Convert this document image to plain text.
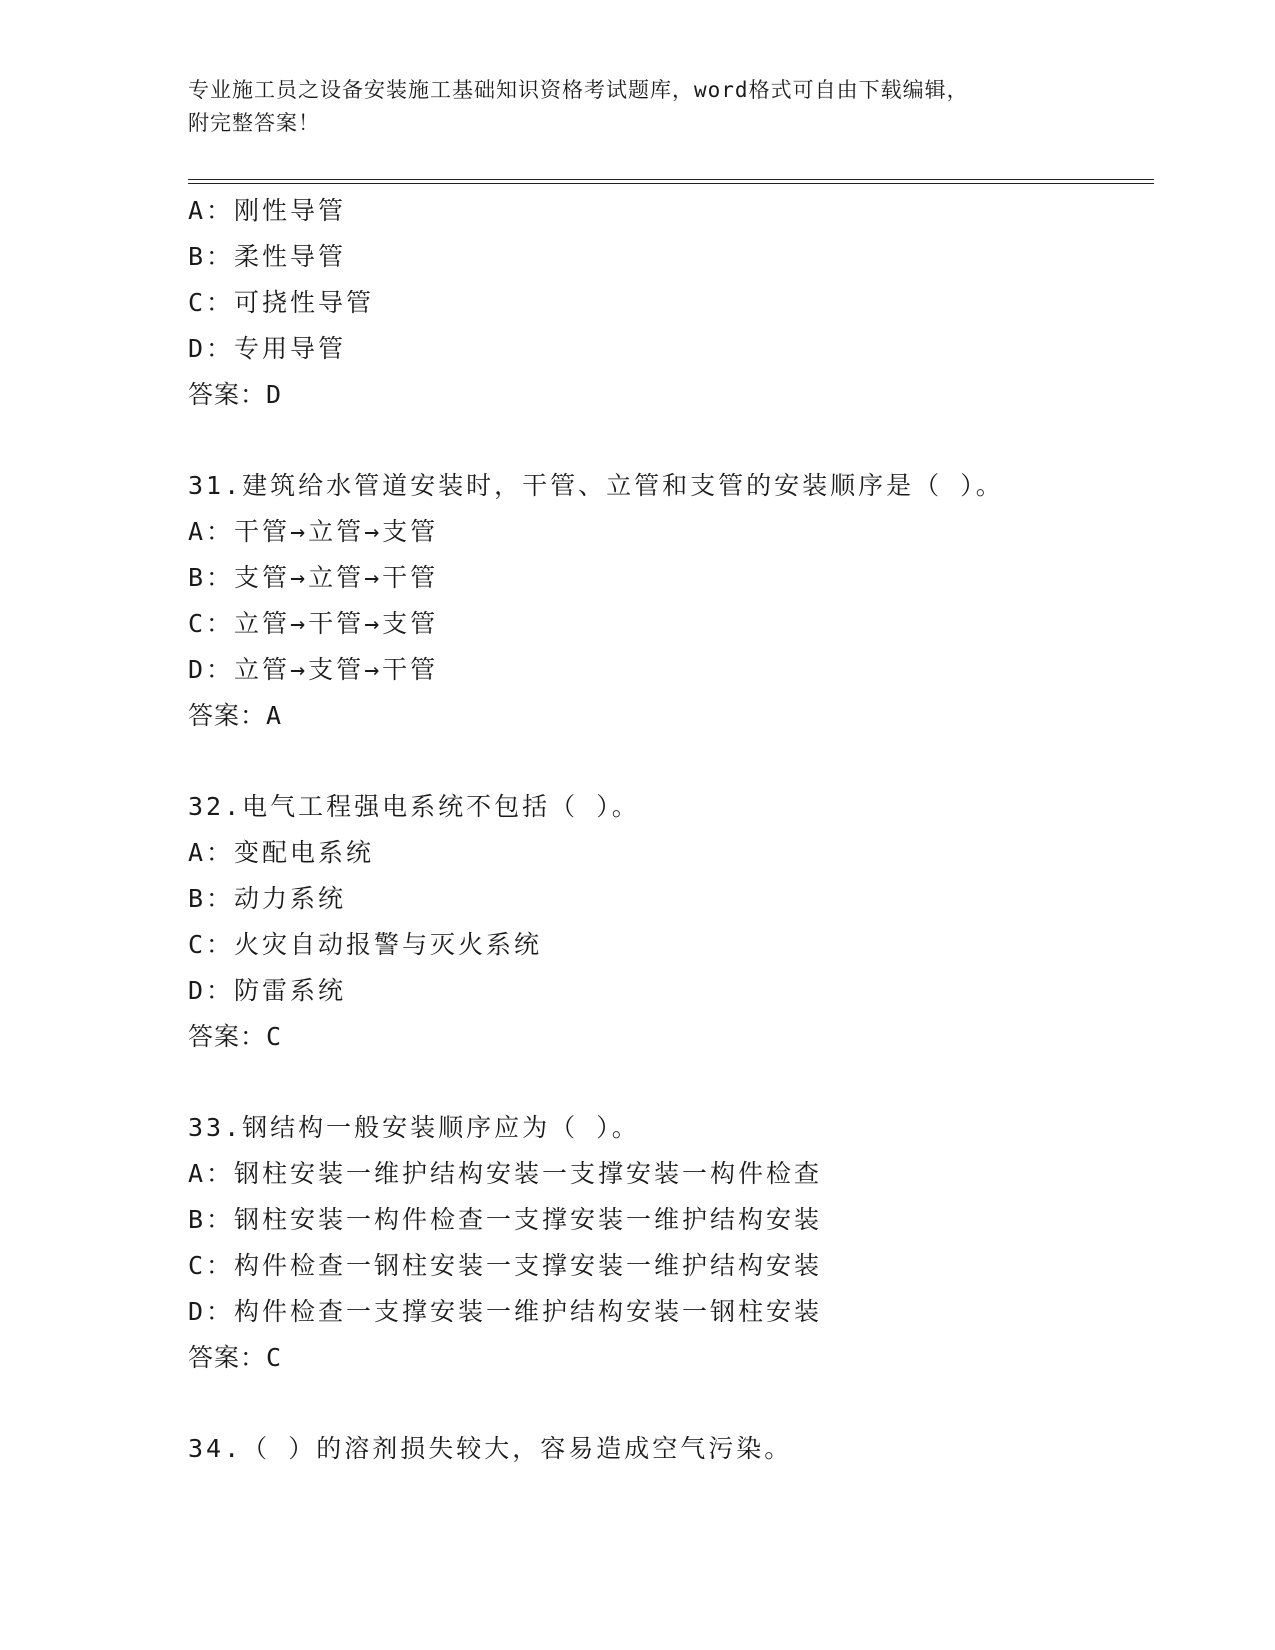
专业施工员之设备安装施工基础知识资格考试题库，word格式可自由下载编辑，
附完整答案！
A：刚性导管
B：柔性导管
C：可挠性导管
D：专用导管
答案：D
31.建筑给水管道安装时，干管、立管和支管的安装顺序是（ ）。
A：干管→立管→支管
B：支管→立管→干管
C：立管→干管→支管
D：立管→支管→干管
答案：A
32.电气工程强电系统不包括（ ）。
A：变配电系统
B：动力系统
C：火灾自动报警与灭火系统
D：防雷系统
答案：C
33.钢结构一般安装顺序应为（ ）。
A：钢柱安装一维护结构安装一支撑安装一构件检查
B：钢柱安装一构件检查一支撑安装一维护结构安装
C：构件检查一钢柱安装一支撑安装一维护结构安装
D：构件检查一支撑安装一维护结构安装一钢柱安装
答案：C
34.（ ）的溶剂损失较大，容易造成空气污染。
